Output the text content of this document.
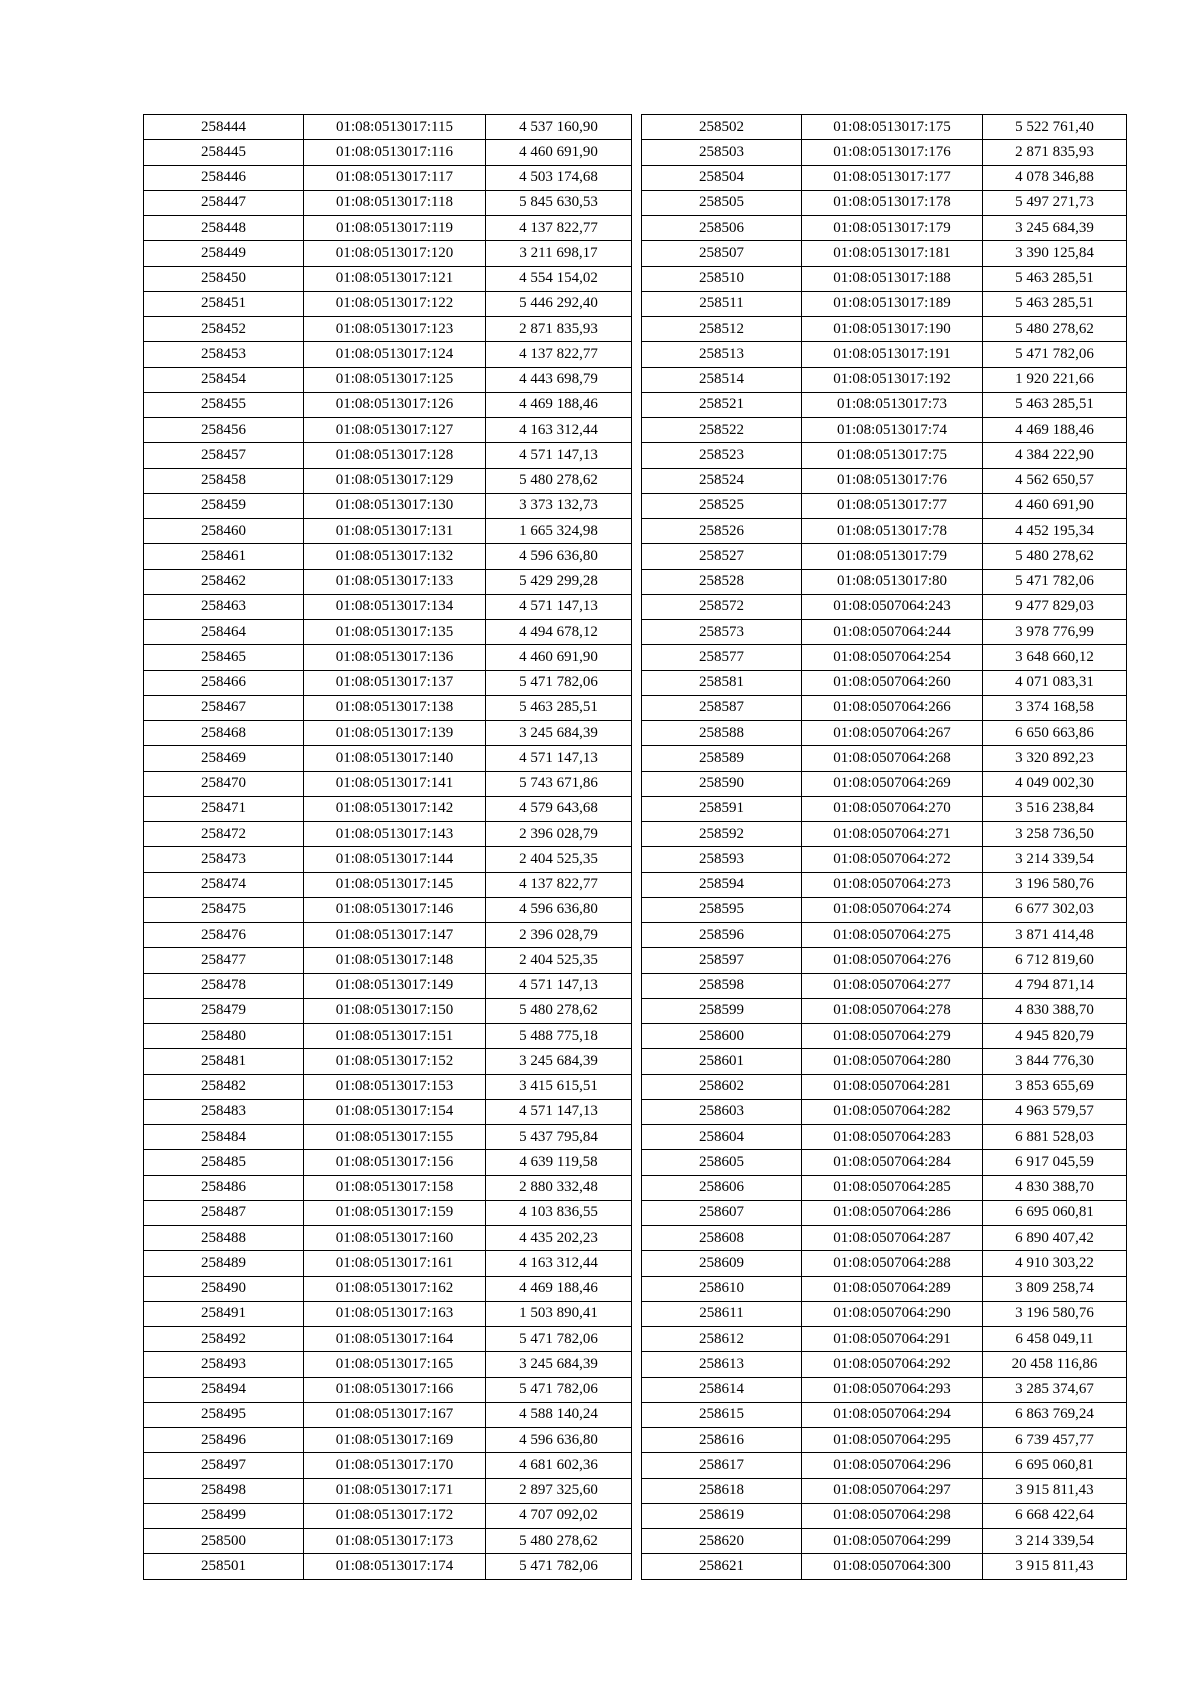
258444	01:08:0513017:115	4 537 160,90
258445	01:08:0513017:116	4 460 691,90
258446	01:08:0513017:117	4 503 174,68
258447	01:08:0513017:118	5 845 630,53
258448	01:08:0513017:119	4 137 822,77
258449	01:08:0513017:120	3 211 698,17
258450	01:08:0513017:121	4 554 154,02
258451	01:08:0513017:122	5 446 292,40
258452	01:08:0513017:123	2 871 835,93
258453	01:08:0513017:124	4 137 822,77
258454	01:08:0513017:125	4 443 698,79
258455	01:08:0513017:126	4 469 188,46
258456	01:08:0513017:127	4 163 312,44
258457	01:08:0513017:128	4 571 147,13
258458	01:08:0513017:129	5 480 278,62
258459	01:08:0513017:130	3 373 132,73
258460	01:08:0513017:131	1 665 324,98
258461	01:08:0513017:132	4 596 636,80
258462	01:08:0513017:133	5 429 299,28
258463	01:08:0513017:134	4 571 147,13
258464	01:08:0513017:135	4 494 678,12
258465	01:08:0513017:136	4 460 691,90
258466	01:08:0513017:137	5 471 782,06
258467	01:08:0513017:138	5 463 285,51
258468	01:08:0513017:139	3 245 684,39
258469	01:08:0513017:140	4 571 147,13
258470	01:08:0513017:141	5 743 671,86
258471	01:08:0513017:142	4 579 643,68
258472	01:08:0513017:143	2 396 028,79
258473	01:08:0513017:144	2 404 525,35
258474	01:08:0513017:145	4 137 822,77
258475	01:08:0513017:146	4 596 636,80
258476	01:08:0513017:147	2 396 028,79
258477	01:08:0513017:148	2 404 525,35
258478	01:08:0513017:149	4 571 147,13
258479	01:08:0513017:150	5 480 278,62
258480	01:08:0513017:151	5 488 775,18
258481	01:08:0513017:152	3 245 684,39
258482	01:08:0513017:153	3 415 615,51
258483	01:08:0513017:154	4 571 147,13
258484	01:08:0513017:155	5 437 795,84
258485	01:08:0513017:156	4 639 119,58
258486	01:08:0513017:158	2 880 332,48
258487	01:08:0513017:159	4 103 836,55
258488	01:08:0513017:160	4 435 202,23
258489	01:08:0513017:161	4 163 312,44
258490	01:08:0513017:162	4 469 188,46
258491	01:08:0513017:163	1 503 890,41
258492	01:08:0513017:164	5 471 782,06
258493	01:08:0513017:165	3 245 684,39
258494	01:08:0513017:166	5 471 782,06
258495	01:08:0513017:167	4 588 140,24
258496	01:08:0513017:169	4 596 636,80
258497	01:08:0513017:170	4 681 602,36
258498	01:08:0513017:171	2 897 325,60
258499	01:08:0513017:172	4 707 092,02
258500	01:08:0513017:173	5 480 278,62
258501	01:08:0513017:174	5 471 782,06
258502	01:08:0513017:175	5 522 761,40
258503	01:08:0513017:176	2 871 835,93
258504	01:08:0513017:177	4 078 346,88
258505	01:08:0513017:178	5 497 271,73
258506	01:08:0513017:179	3 245 684,39
258507	01:08:0513017:181	3 390 125,84
258510	01:08:0513017:188	5 463 285,51
258511	01:08:0513017:189	5 463 285,51
258512	01:08:0513017:190	5 480 278,62
258513	01:08:0513017:191	5 471 782,06
258514	01:08:0513017:192	1 920 221,66
258521	01:08:0513017:73	5 463 285,51
258522	01:08:0513017:74	4 469 188,46
258523	01:08:0513017:75	4 384 222,90
258524	01:08:0513017:76	4 562 650,57
258525	01:08:0513017:77	4 460 691,90
258526	01:08:0513017:78	4 452 195,34
258527	01:08:0513017:79	5 480 278,62
258528	01:08:0513017:80	5 471 782,06
258572	01:08:0507064:243	9 477 829,03
258573	01:08:0507064:244	3 978 776,99
258577	01:08:0507064:254	3 648 660,12
258581	01:08:0507064:260	4 071 083,31
258587	01:08:0507064:266	3 374 168,58
258588	01:08:0507064:267	6 650 663,86
258589	01:08:0507064:268	3 320 892,23
258590	01:08:0507064:269	4 049 002,30
258591	01:08:0507064:270	3 516 238,84
258592	01:08:0507064:271	3 258 736,50
258593	01:08:0507064:272	3 214 339,54
258594	01:08:0507064:273	3 196 580,76
258595	01:08:0507064:274	6 677 302,03
258596	01:08:0507064:275	3 871 414,48
258597	01:08:0507064:276	6 712 819,60
258598	01:08:0507064:277	4 794 871,14
258599	01:08:0507064:278	4 830 388,70
258600	01:08:0507064:279	4 945 820,79
258601	01:08:0507064:280	3 844 776,30
258602	01:08:0507064:281	3 853 655,69
258603	01:08:0507064:282	4 963 579,57
258604	01:08:0507064:283	6 881 528,03
258605	01:08:0507064:284	6 917 045,59
258606	01:08:0507064:285	4 830 388,70
258607	01:08:0507064:286	6 695 060,81
258608	01:08:0507064:287	6 890 407,42
258609	01:08:0507064:288	4 910 303,22
258610	01:08:0507064:289	3 809 258,74
258611	01:08:0507064:290	3 196 580,76
258612	01:08:0507064:291	6 458 049,11
258613	01:08:0507064:292	20 458 116,86
258614	01:08:0507064:293	3 285 374,67
258615	01:08:0507064:294	6 863 769,24
258616	01:08:0507064:295	6 739 457,77
258617	01:08:0507064:296	6 695 060,81
258618	01:08:0507064:297	3 915 811,43
258619	01:08:0507064:298	6 668 422,64
258620	01:08:0507064:299	3 214 339,54
258621	01:08:0507064:300	3 915 811,43
